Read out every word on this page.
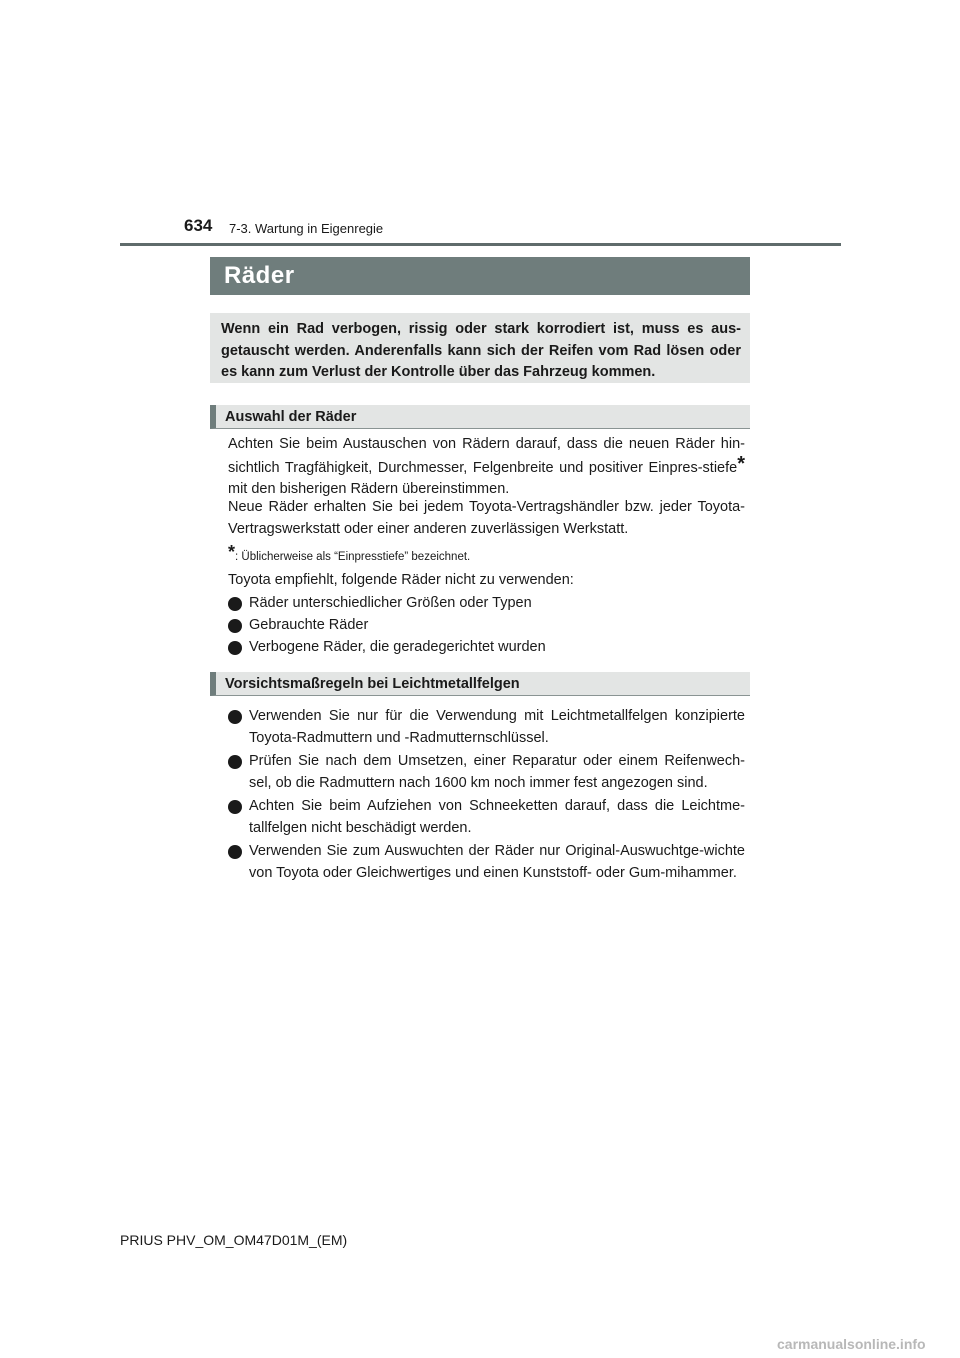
634 7-3. Wartung in Eigenregie
Räder
Wenn ein Rad verbogen, rissig oder stark korrodiert ist, muss es aus-getauscht werden. Anderenfalls kann sich der Reifen vom Rad lösen oder es kann zum Verlust der Kontrolle über das Fahrzeug kommen.
Auswahl der Räder

Achten Sie beim Austauschen von Rädern darauf, dass die neuen Räder hin-sichtlich Tragfähigkeit, Durchmesser, Felgenbreite und positiver Einpres-stiefe* mit den bisherigen Rädern übereinstimmen.

Neue Räder erhalten Sie bei jedem Toyota-Vertragshändler bzw. jeder Toyota-Vertragswerkstatt oder einer anderen zuverlässigen Werkstatt.

*: Üblicherweise als “Einpresstiefe” bezeichnet.

Toyota empfiehlt, folgende Räder nicht zu verwenden:

Räder unterschiedlicher Größen oder Typen
Gebrauchte Räder
Verbogene Räder, die geradegerichtet wurden
Vorsichtsmaßregeln bei Leichtmetallfelgen
Verwenden Sie nur für die Verwendung mit Leichtmetallfelgen konzipierte Toyota-Radmuttern und -Radmutternschlüssel.
Prüfen Sie nach dem Umsetzen, einer Reparatur oder einem Reifenwech-sel, ob die Radmuttern nach 1600 km noch immer fest angezogen sind.
Achten Sie beim Aufziehen von Schneeketten darauf, dass die Leichtme-tallfelgen nicht beschädigt werden.
Verwenden Sie zum Auswuchten der Räder nur Original-Auswuchtge-wichte von Toyota oder Gleichwertiges und einen Kunststoff- oder Gum-mihammer.
PRIUS PHV_OM_OM47D01M_(EM)
carmanualsonline.info
